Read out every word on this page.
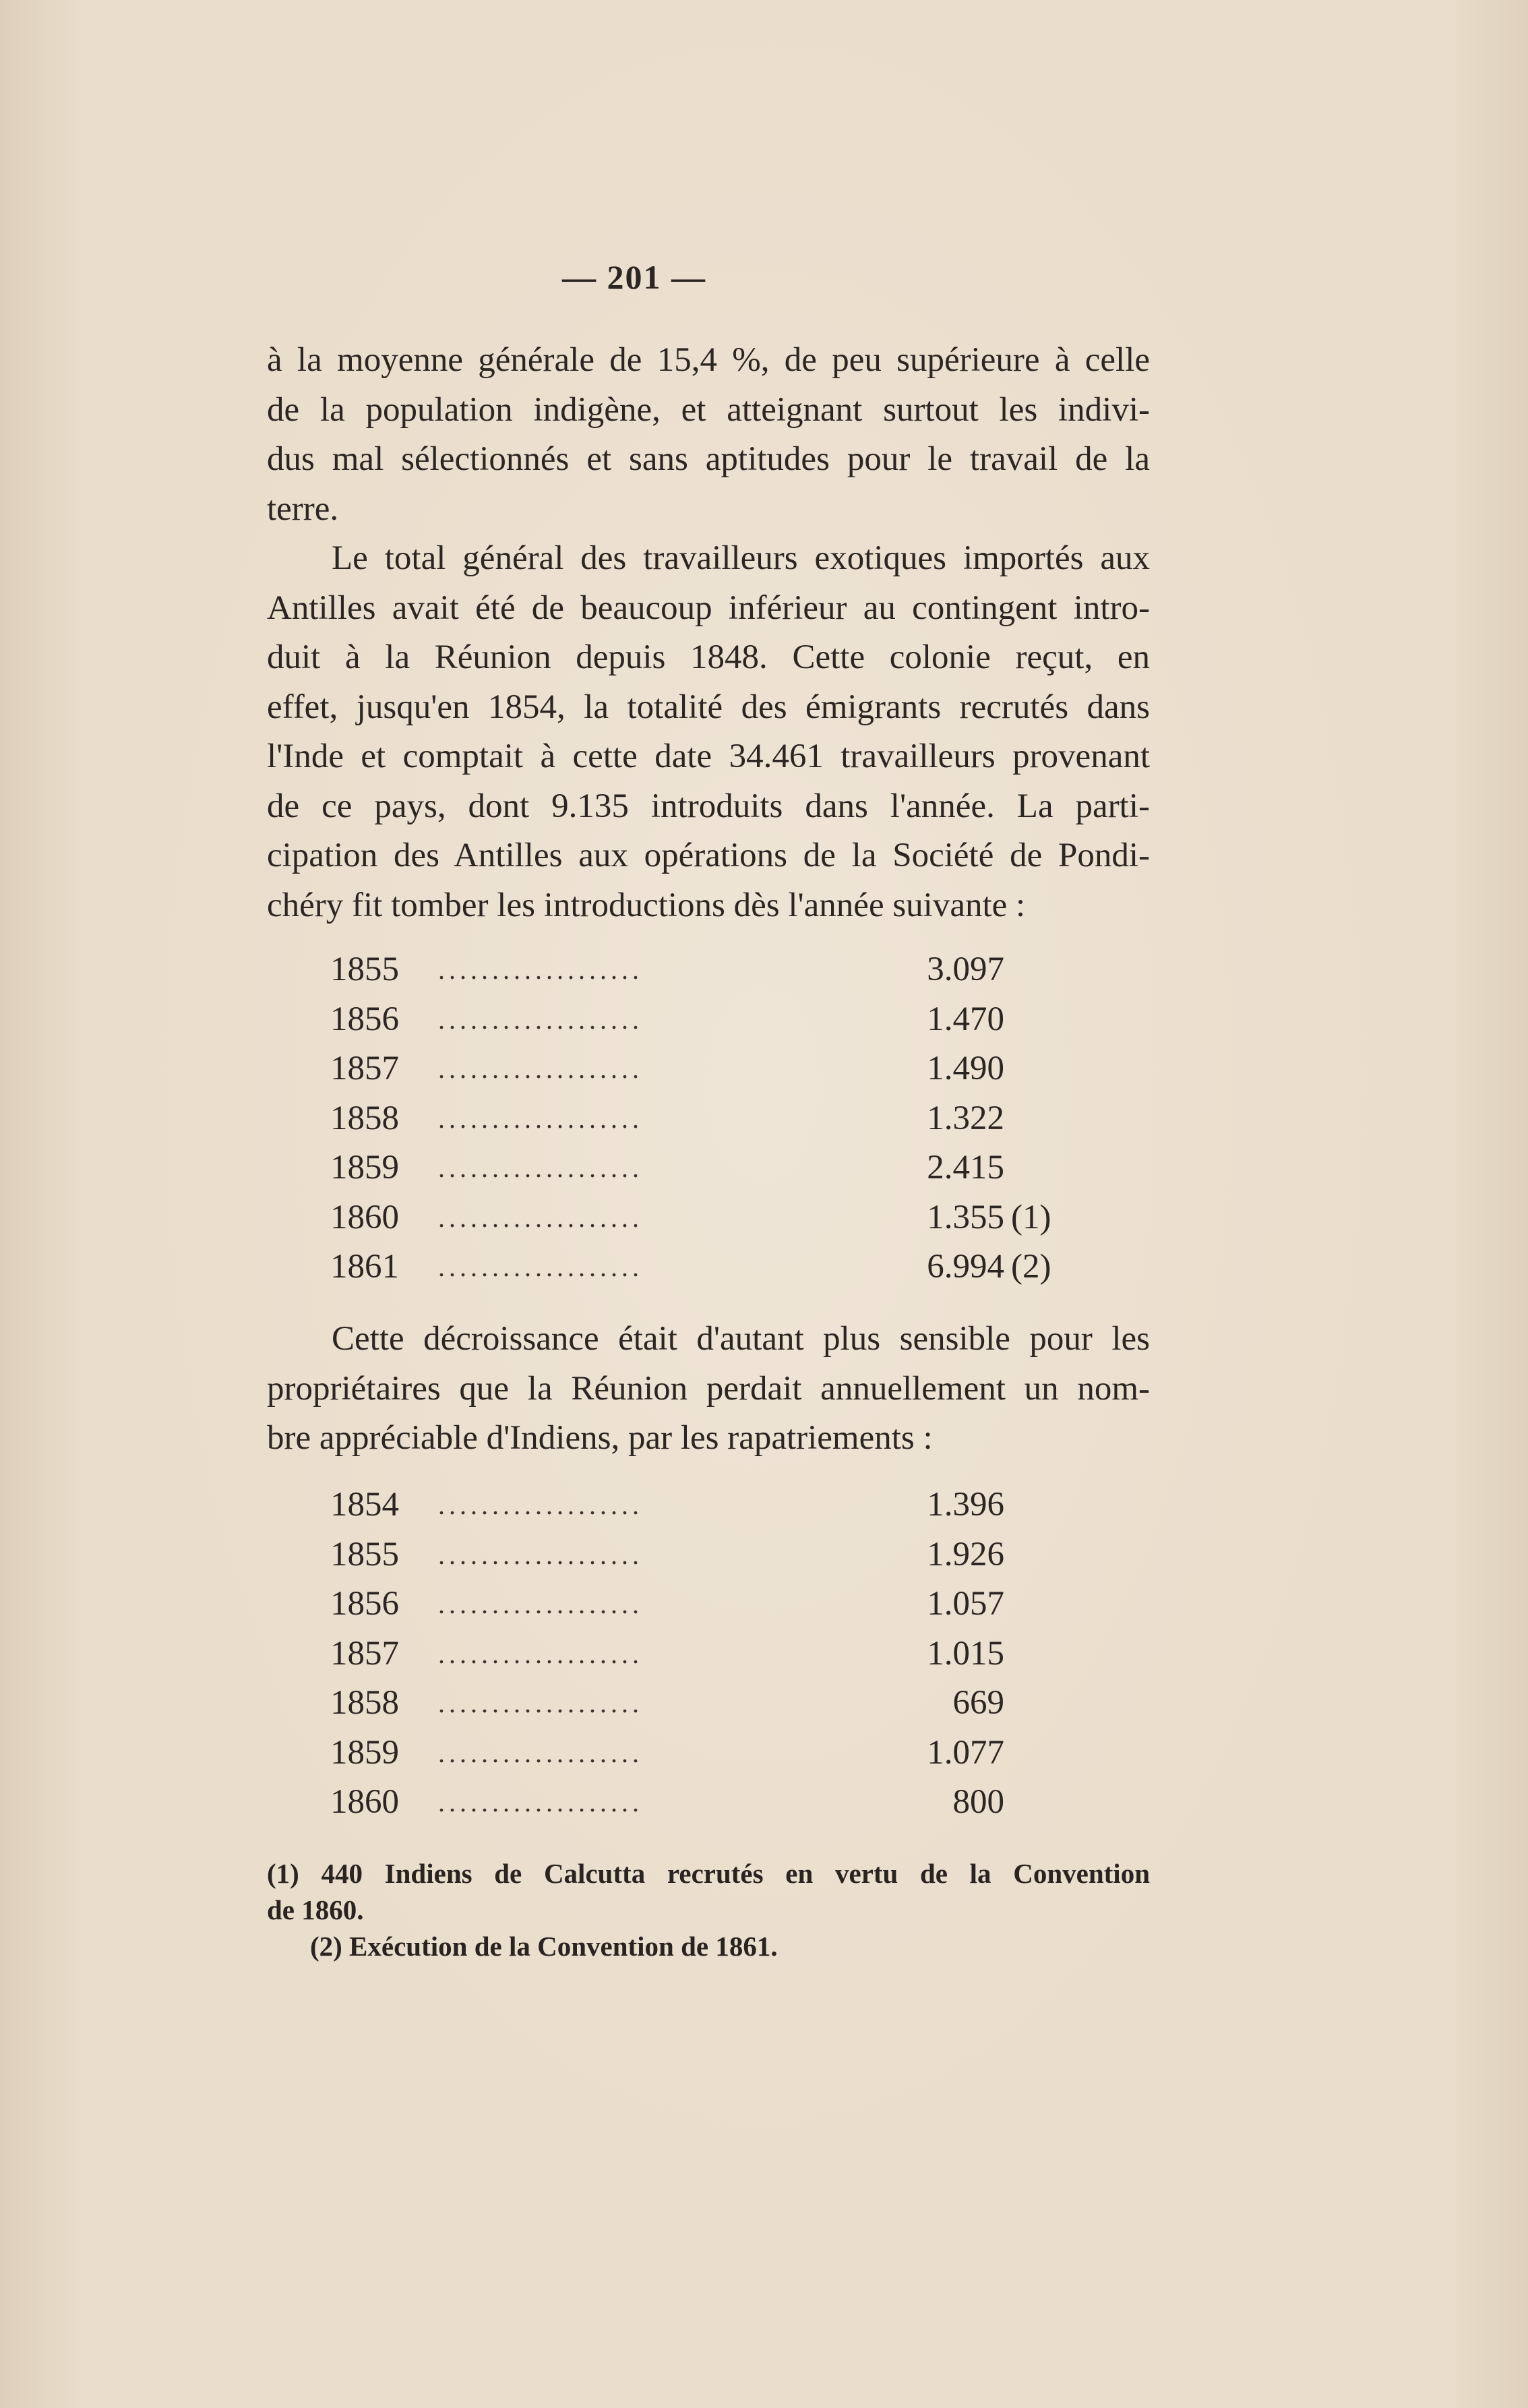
— 201 —
à la moyenne générale de 15,4 %, de peu supérieure à celle
de la population indigène, et atteignant surtout les indivi-
dus mal sélectionnés et sans aptitudes pour le travail de la
terre.
Le total général des travailleurs exotiques importés aux
Antilles avait été de beaucoup inférieur au contingent intro-
duit à la Réunion depuis 1848. Cette colonie reçut, en
effet, jusqu'en 1854, la totalité des émigrants recrutés dans
l'Inde et comptait à cette date 34.461 travailleurs provenant
de ce pays, dont 9.135 introduits dans l'année. La parti-
cipation des Antilles aux opérations de la Société de Pondi-
chéry fit tomber les introductions dès l'année suivante :
1855 ...................	3.097
1856 ...................	1.470
1857 ...................	1.490
1858 ...................	1.322
1859 ...................	2.415
1860 ...................	1.355 (1)
1861 ...................	6.994 (2)
Cette décroissance était d'autant plus sensible pour les
propriétaires que la Réunion perdait annuellement un nom-
bre appréciable d'Indiens, par les rapatriements :
1854 ...................	1.396
1855 ...................	1.926
1856 ...................	1.057
1857 ...................	1.015
1858 ...................	669
1859 ...................	1.077
1860 ...................	800
(1) 440 Indiens de Calcutta recrutés en vertu de la Convention
de 1860.
(2) Exécution de la Convention de 1861.
